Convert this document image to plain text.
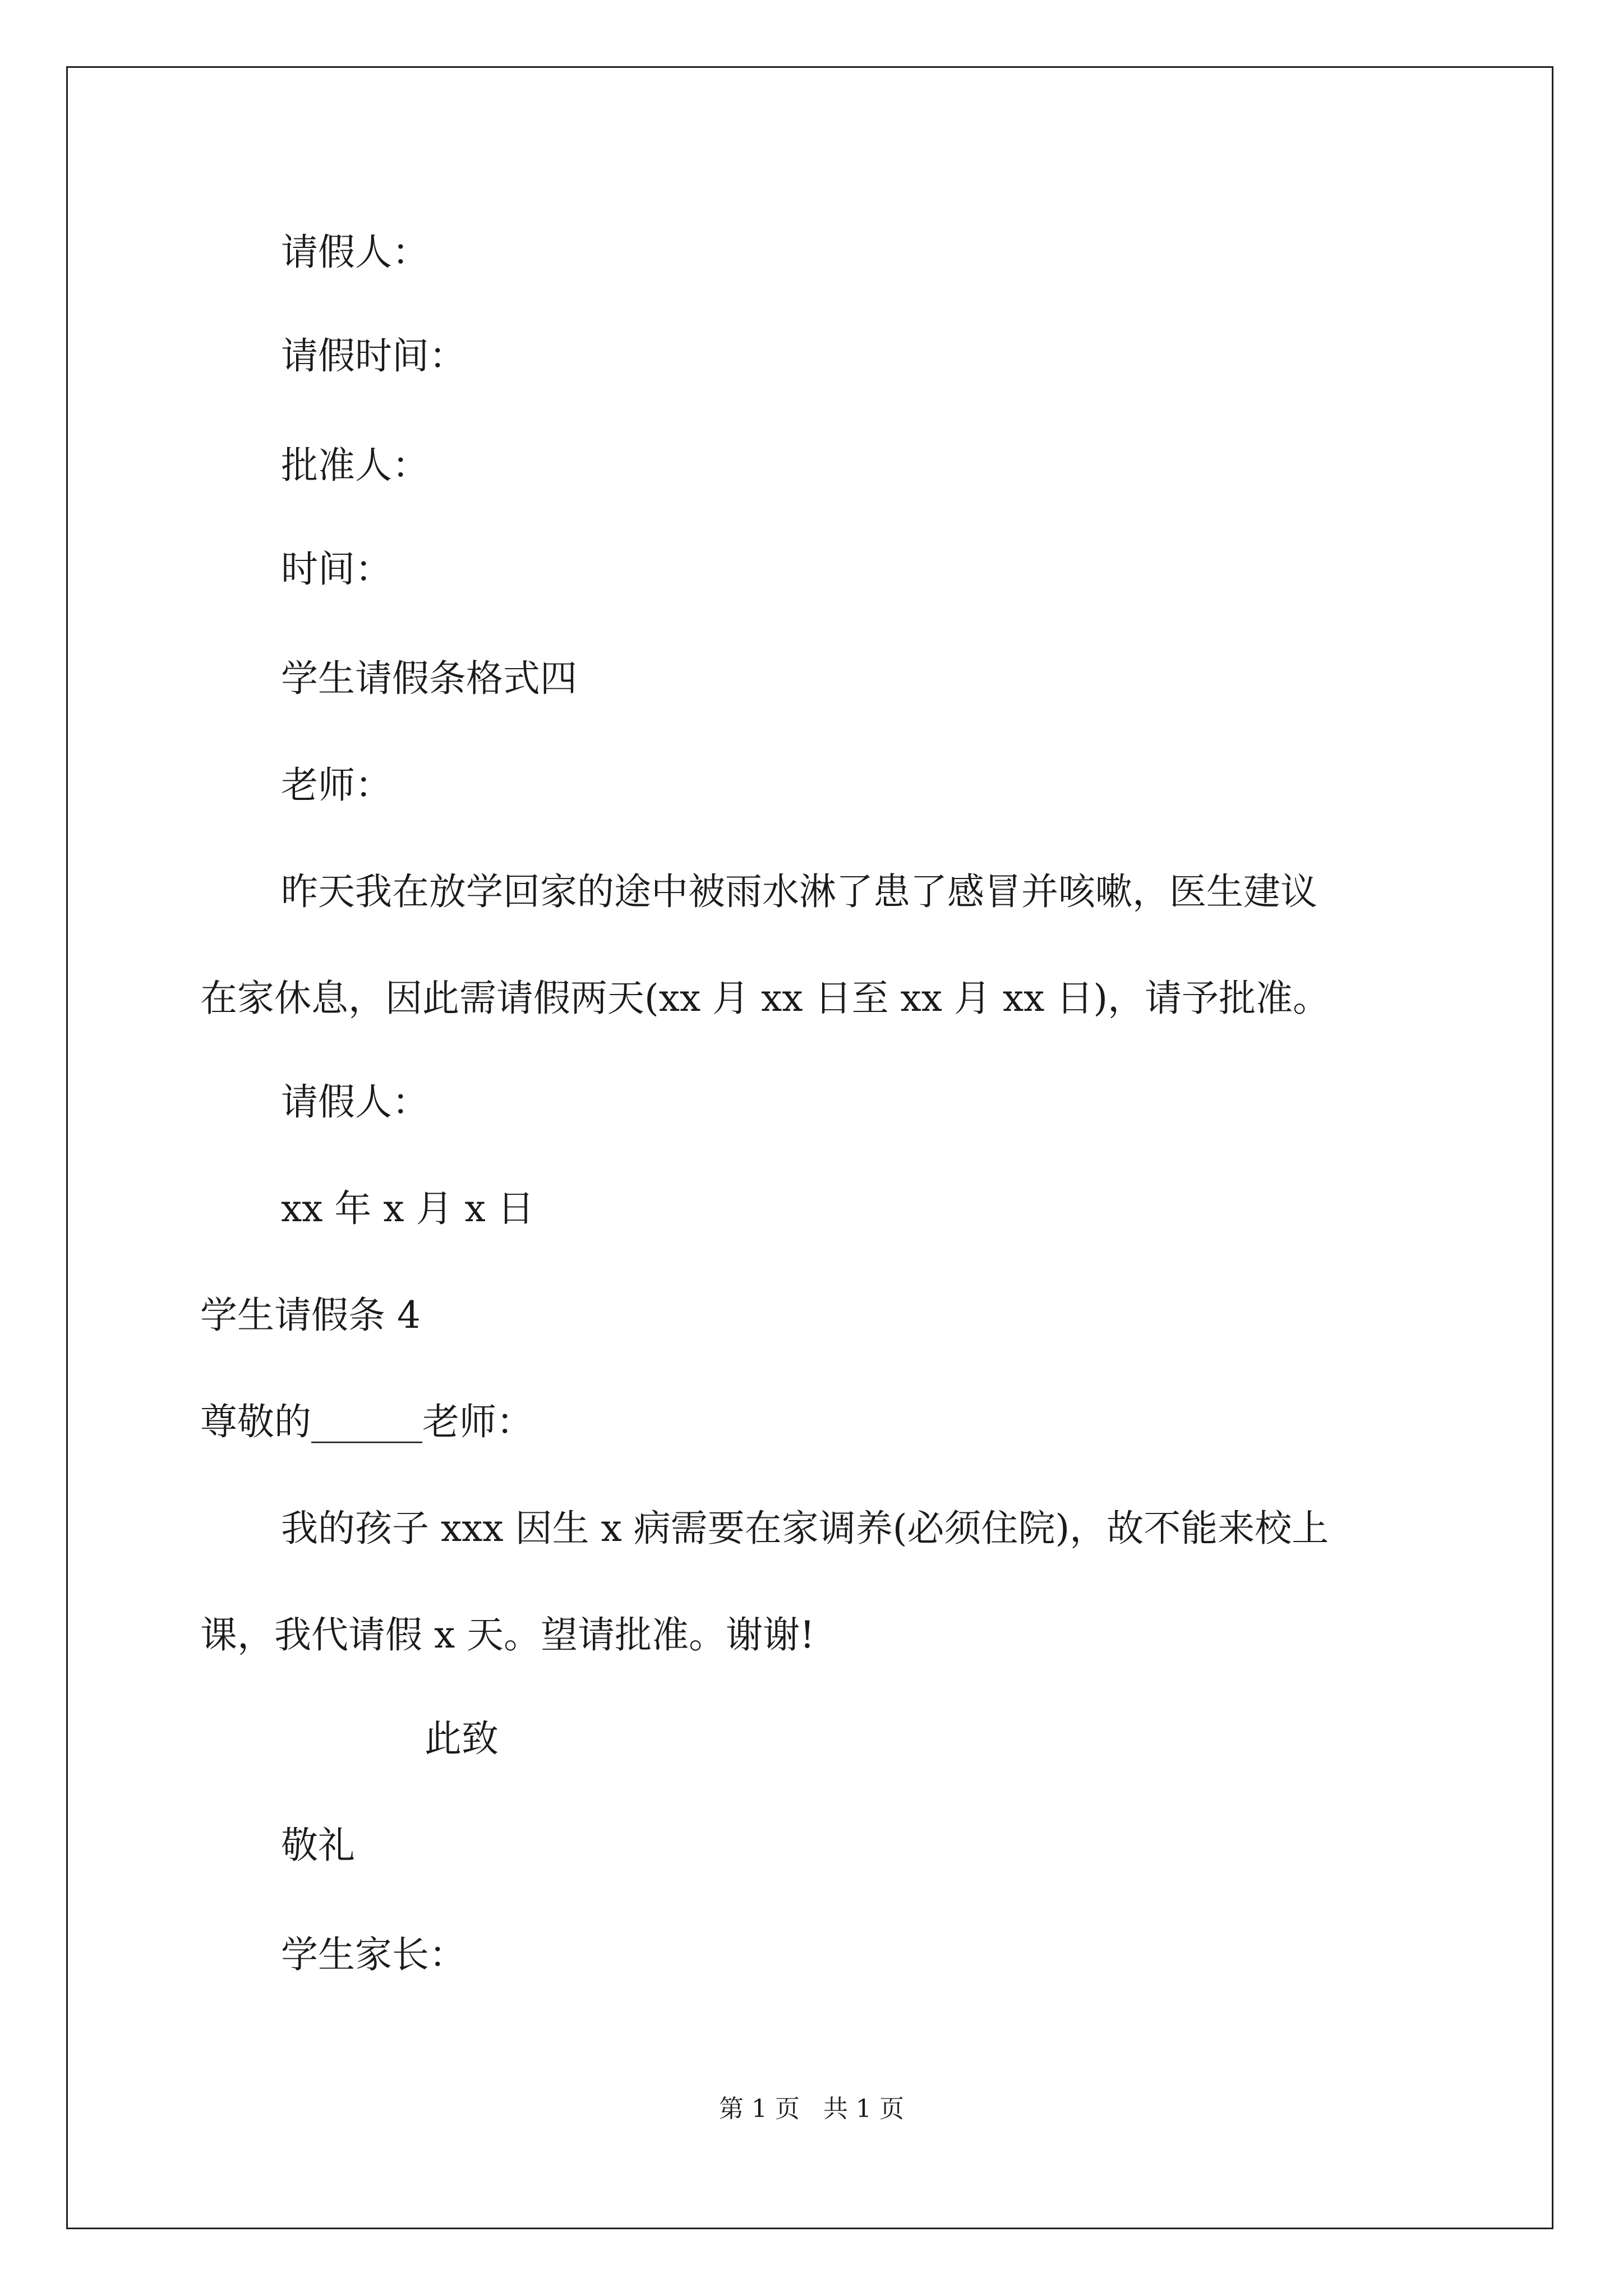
请假人：

请假时间：

批准人：

时间：

学生请假条格式四

老师：

昨天我在放学回家的途中被雨水淋了患了感冒并咳嗽，医生建议
在家休息，因此需请假两天(xx 月 xx 日至 xx 月 xx 日)，请予批准。

请假人：

xx 年 x 月 x 日

学生请假条 4

尊敬的______老师：

我的孩子 xxx 因生 x 病需要在家调养(必须住院)，故不能来校上
课，我代请假 x 天。望请批准。谢谢!

此致

敬礼

学生家长：

第 1 页   共 1 页
